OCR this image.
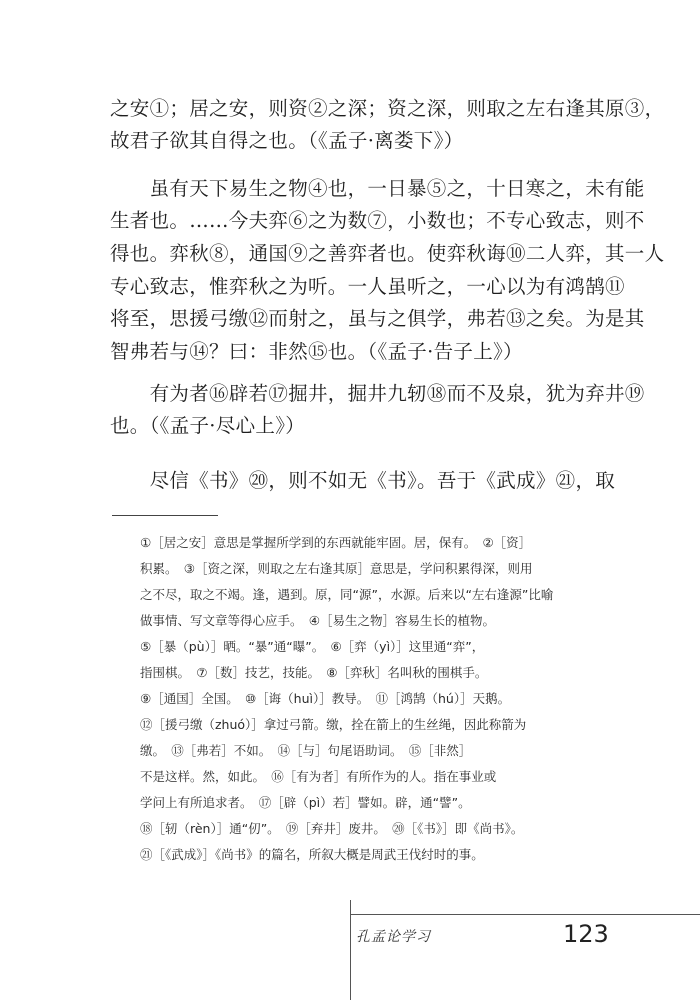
之安①；居之安，则资②之深；资之深，则取之左右逢其原③，
故君子欲其自得之也。（《孟子·离娄下》）
　　虽有天下易生之物④也，一日暴⑤之，十日寒之，未有能
生者也。……今夫弈⑥之为数⑦，小数也；不专心致志，则不
得也。弈秋⑧，通国⑨之善弈者也。使弈秋诲⑩二人弈，其一人
专心致志，惟弈秋之为听。一人虽听之，一心以为有鸿鹄⑪
将至，思援弓缴⑫而射之，虽与之俱学，弗若⑬之矣。为是其
智弗若与⑭？曰：非然⑮也。（《孟子·告子上》）
　　有为者⑯辟若⑰掘井，掘井九轫⑱而不及泉，犹为弃井⑲
也。（《孟子·尽心上》）
　　尽信《书》⑳，则不如无《书》。吾于《武成》㉑，取
①［居之安］意思是掌握所学到的东西就能牢固。居，保有。　②［资］
积累。　③［资之深，则取之左右逢其原］意思是，学问积累得深，则用
之不尽，取之不竭。逢，遇到。原，同“源”，水源。后来以“左右逢源”比喻
做事情、写文章等得心应手。　④［易生之物］容易生长的植物。
⑤［暴（pù）］晒。“暴”通“曝”。　⑥［弈（yì）］这里通“弈”，
指围棋。　⑦［数］技艺，技能。　⑧［弈秋］名叫秋的围棋手。
⑨［通国］全国。　⑩［诲（huì）］教导。　⑪［鸿鹄（hú）］天鹅。
⑫［援弓缴（zhuó）］拿过弓箭。缴，拴在箭上的生丝绳，因此称箭为
缴。　⑬［弗若］不如。　⑭［与］句尾语助词。　⑮［非然］
不是这样。然，如此。　⑯［有为者］有所作为的人。指在事业或
学问上有所追求者。　⑰［辟（pì）若］譬如。辟，通“譬”。
⑱［轫（rèn）］通“仞”。　⑲［弃井］废井。　⑳［《书》］即《尚书》。
㉑［《武成》］《尚书》的篇名，所叙大概是周武王伐纣时的事。
孔孟论学习	123
